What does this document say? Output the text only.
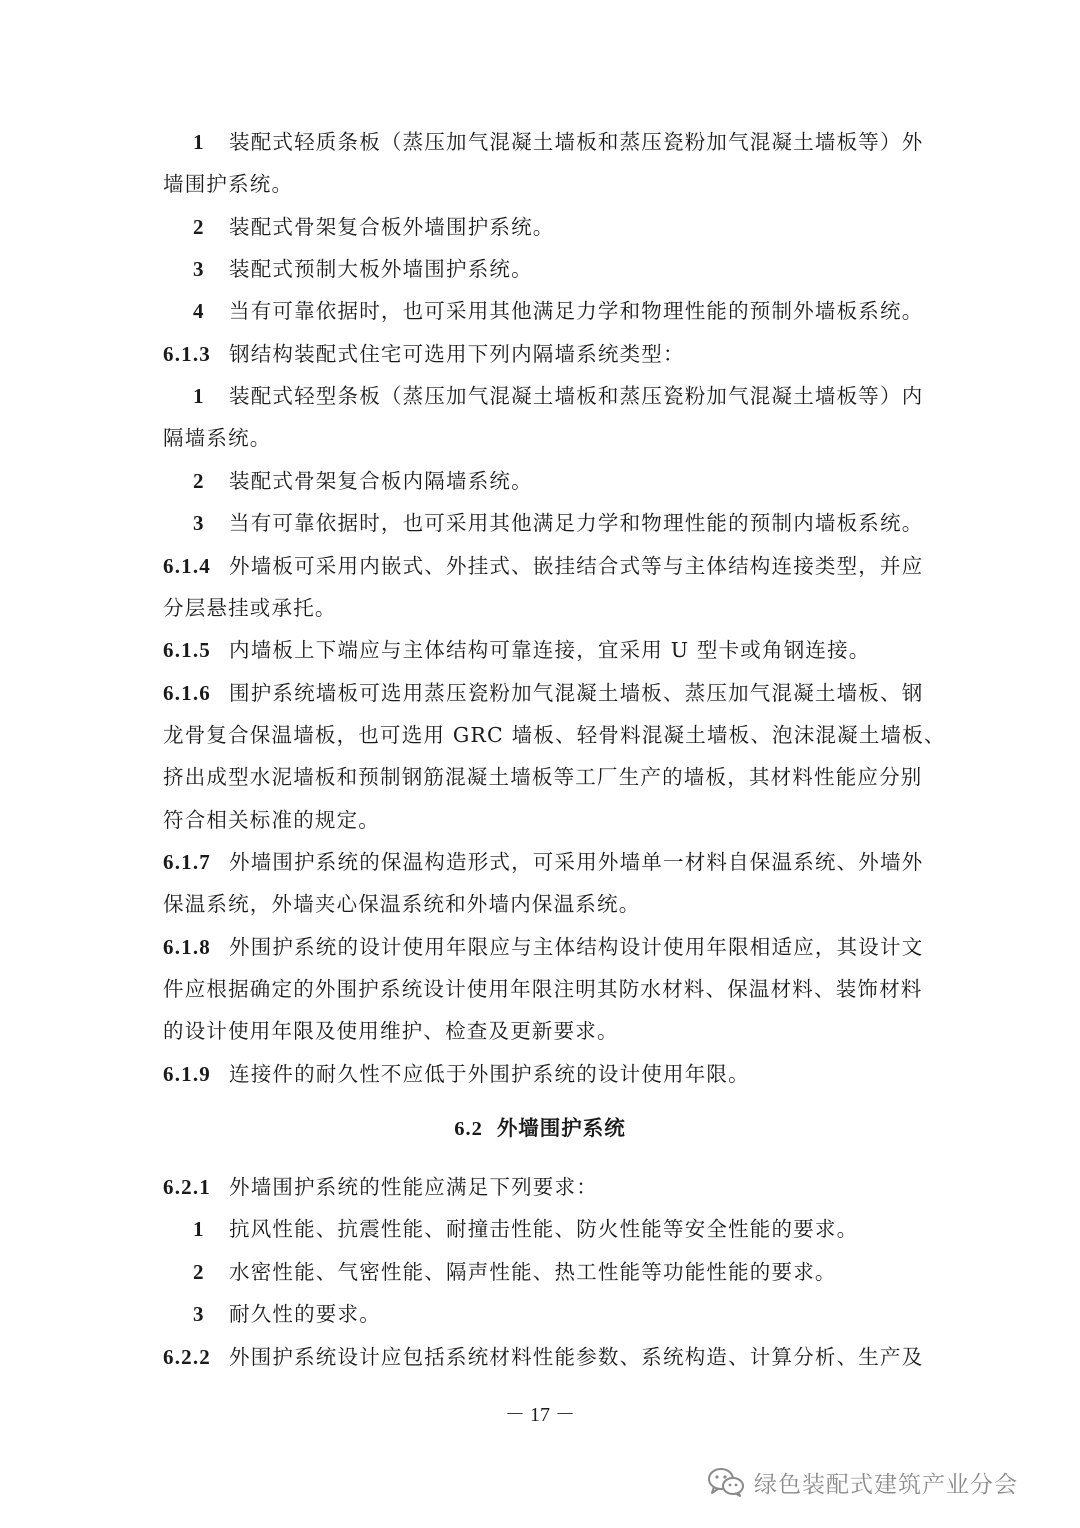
1 装配式轻质条板（蒸压加气混凝土墙板和蒸压瓷粉加气混凝土墙板等）外
墙围护系统。
2 装配式骨架复合板外墙围护系统。
3 装配式预制大板外墙围护系统。
4 当有可靠依据时，也可采用其他满足力学和物理性能的预制外墙板系统。
6.1.3 钢结构装配式住宅可选用下列内隔墙系统类型：
1 装配式轻型条板（蒸压加气混凝土墙板和蒸压瓷粉加气混凝土墙板等）内
隔墙系统。
2 装配式骨架复合板内隔墙系统。
3 当有可靠依据时，也可采用其他满足力学和物理性能的预制内墙板系统。
6.1.4 外墙板可采用内嵌式、外挂式、嵌挂结合式等与主体结构连接类型，并应
分层悬挂或承托。
6.1.5 内墙板上下端应与主体结构可靠连接，宜采用 U 型卡或角钢连接。
6.1.6 围护系统墙板可选用蒸压瓷粉加气混凝土墙板、蒸压加气混凝土墙板、钢
龙骨复合保温墙板，也可选用 GRC 墙板、轻骨料混凝土墙板、泡沫混凝土墙板、
挤出成型水泥墙板和预制钢筋混凝土墙板等工厂生产的墙板，其材料性能应分别
符合相关标准的规定。
6.1.7 外墙围护系统的保温构造形式，可采用外墙单一材料自保温系统、外墙外
保温系统，外墙夹心保温系统和外墙内保温系统。
6.1.8 外围护系统的设计使用年限应与主体结构设计使用年限相适应，其设计文
件应根据确定的外围护系统设计使用年限注明其防水材料、保温材料、装饰材料
的设计使用年限及使用维护、检查及更新要求。
6.1.9 连接件的耐久性不应低于外围护系统的设计使用年限。
6.2 外墙围护系统
6.2.1 外墙围护系统的性能应满足下列要求：
1 抗风性能、抗震性能、耐撞击性能、防火性能等安全性能的要求。
2 水密性能、气密性能、隔声性能、热工性能等功能性能的要求。
3 耐久性的要求。
6.2.2 外围护系统设计应包括系统材料性能参数、系统构造、计算分析、生产及
－ 17 －
绿色装配式建筑产业分会
